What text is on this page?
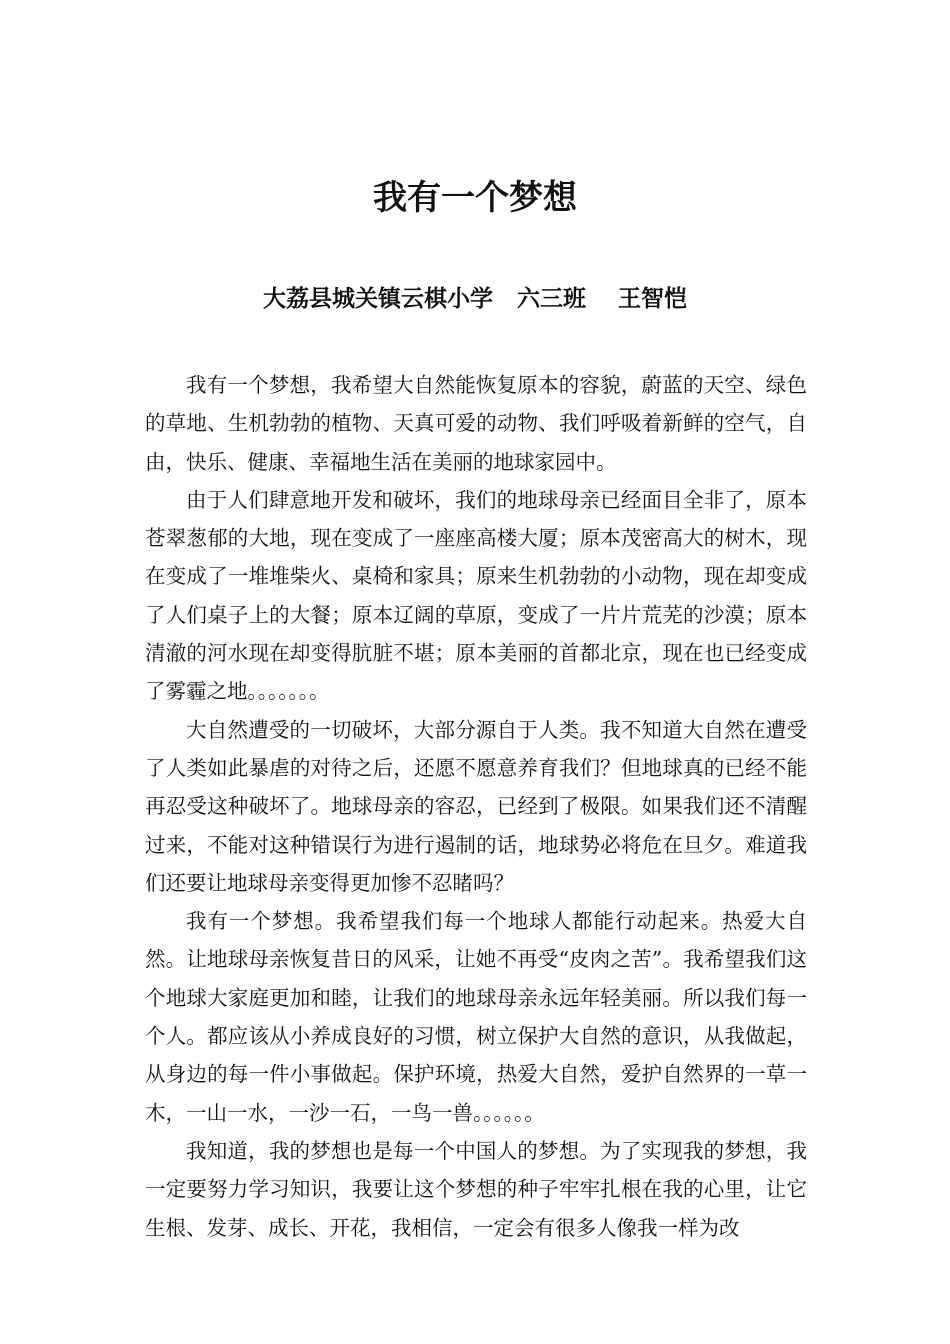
我有一个梦想
大荔县城关镇云棋小学   六三班    王智恺

我有一个梦想，我希望大自然能恢复原本的容貌，蔚蓝的天空、绿色的草地、生机勃勃的植物、天真可爱的动物、我们呼吸着新鲜的空气，自由，快乐、健康、幸福地生活在美丽的地球家园中。

由于人们肆意地开发和破坏，我们的地球母亲已经面目全非了，原本苍翠葱郁的大地，现在变成了一座座高楼大厦；原本茂密高大的树木，现在变成了一堆堆柴火、桌椅和家具；原来生机勃勃的小动物，现在却变成了人们桌子上的大餐；原本辽阔的草原，变成了一片片荒芜的沙漠；原本清澈的河水现在却变得肮脏不堪；原本美丽的首都北京，现在也已经变成了雾霾之地。。。。。。。

大自然遭受的一切破坏，大部分源自于人类。我不知道大自然在遭受了人类如此暴虐的对待之后，还愿不愿意养育我们？但地球真的已经不能再忍受这种破坏了。地球母亲的容忍，已经到了极限。如果我们还不清醒过来，不能对这种错误行为进行遏制的话，地球势必将危在旦夕。难道我们还要让地球母亲变得更加惨不忍睹吗？

我有一个梦想。我希望我们每一个地球人都能行动起来。热爱大自然。让地球母亲恢复昔日的风采，让她不再受“皮肉之苦”。我希望我们这个地球大家庭更加和睦，让我们的地球母亲永远年轻美丽。所以我们每一个人。都应该从小养成良好的习惯，树立保护大自然的意识，从我做起，从身边的每一件小事做起。保护环境，热爱大自然，爱护自然界的一草一木，一山一水，一沙一石，一鸟一兽。。。。。。

我知道，我的梦想也是每一个中国人的梦想。为了实现我的梦想，我一定要努力学习知识，我要让这个梦想的种子牢牢扎根在我的心里，让它生根、发芽、成长、开花，我相信，一定会有很多人像我一样为改
